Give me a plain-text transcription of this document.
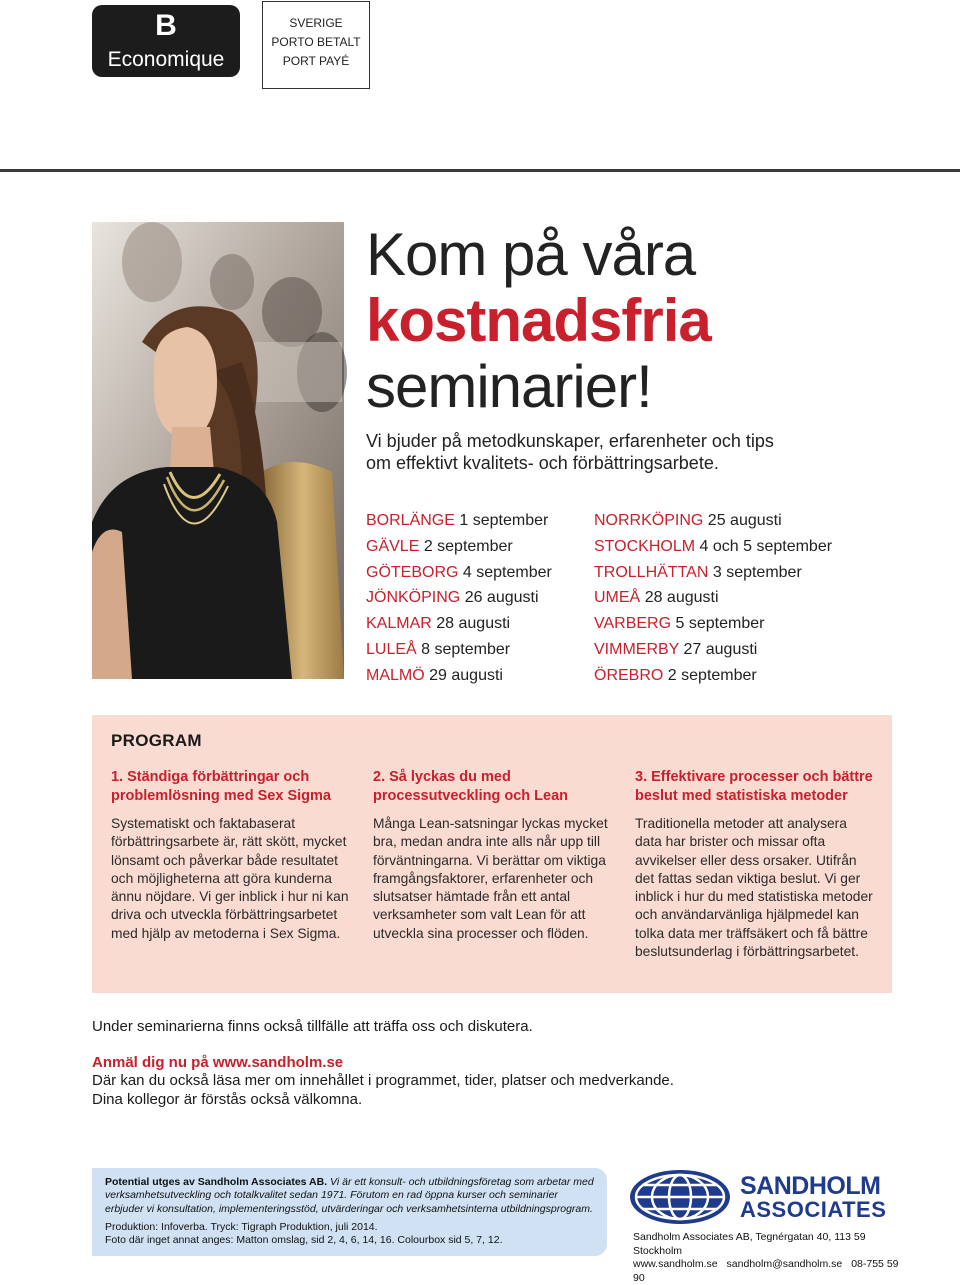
B
Economique
SVERIGE
PORTO BETALT
PORT PAYÉ
Kom på våra
kostnadsfria
seminarier!
Vi bjuder på metodkunskaper, erfarenheter och tips
om effektivt kvalitets- och förbättringsarbete.
BORLÄNGE 1 september
GÄVLE 2 september
GÖTEBORG 4 september
JÖNKÖPING 26 augusti
KALMAR 28 augusti
LULEÅ 8 september
MALMÖ 29 augusti
NORRKÖPING 25 augusti
STOCKHOLM 4 och 5 september
TROLLHÄTTAN 3 september
UMEÅ 28 augusti
VARBERG 5 september
VIMMERBY 27 augusti
ÖREBRO 2 september
PROGRAM
1. Ständiga förbättringar och problemlösning med Sex Sigma

Systematiskt och faktabaserat förbättringsarbete är, rätt skött, mycket lönsamt och påverkar både resultatet och möjligheterna att göra kunderna ännu nöjdare. Vi ger inblick i hur ni kan driva och utveckla förbättringsarbetet med hjälp av metoderna i Sex Sigma.

2. Så lyckas du med processutveckling och Lean

Många Lean-satsningar lyckas mycket bra, medan andra inte alls når upp till förväntningarna. Vi berättar om viktiga framgångsfaktorer, erfarenheter och slutsatser hämtade från ett antal verksamheter som valt Lean för att utveckla sina processer och flöden.

3. Effektivare processer och bättre beslut med statistiska metoder

Traditionella metoder att analysera data har brister och missar ofta avvikelser eller dess orsaker. Utifrån det fattas sedan viktiga beslut. Vi ger inblick i hur du med statistiska metoder och användarvänliga hjälpmedel kan tolka data mer träffsäkert och få bättre beslutsunderlag i förbättringsarbetet.

Under seminarierna finns också tillfälle att träffa oss och diskutera.
Anmäl dig nu på www.sandholm.se
Där kan du också läsa mer om innehållet i programmet, tider, platser och medverkande.
Dina kollegor är förstås också välkomna.
Potential utges av Sandholm Associates AB. Vi är ett konsult- och utbildningsföretag som arbetar med verksamhetsutveckling och totalkvalitet sedan 1971. Förutom en rad öppna kurser och seminarier erbjuder vi konsultation, implementeringsstöd, utvärderingar och verksamhetsinterna utbildningsprogram.
Produktion: Infoverba. Tryck: Tigraph Produktion, juli 2014.
Foto där inget annat anges: Matton omslag, sid 2, 4, 6, 14, 16. Colourbox sid 5, 7, 12.
SANDHOLM
ASSOCIATES
Sandholm Associates AB, Tegnérgatan 40, 113 59 Stockholm
www.sandholm.se sandholm@sandholm.se 08-755 59 90
